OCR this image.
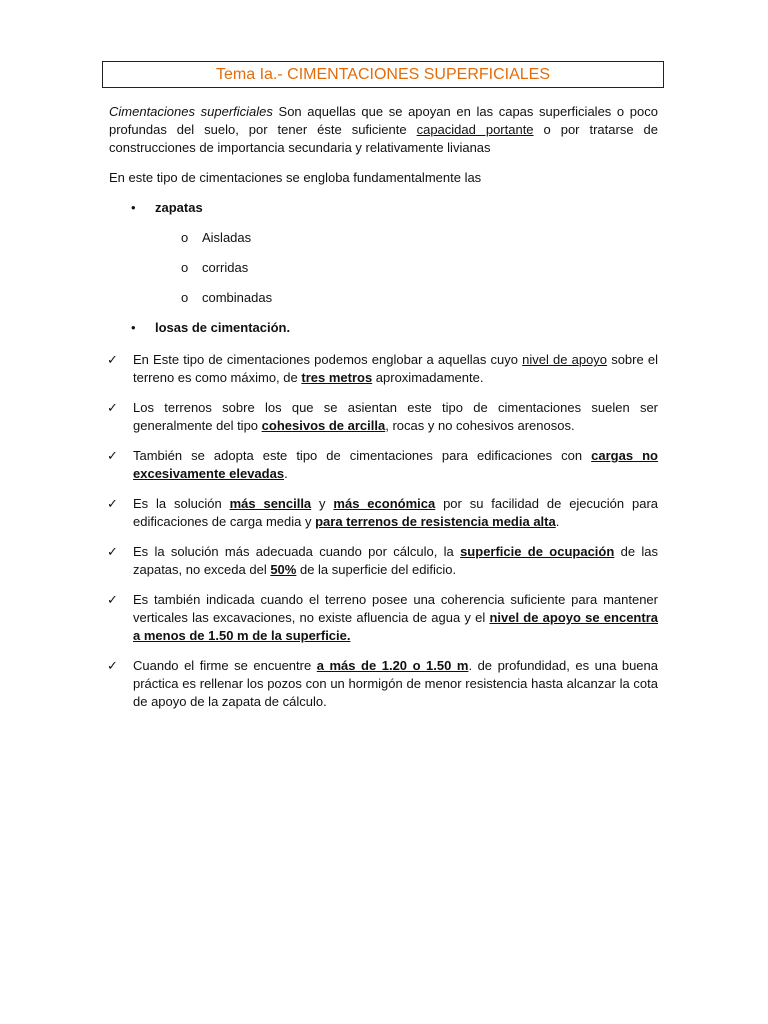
Tema Ia.- CIMENTACIONES SUPERFICIALES

Cimentaciones superficiales Son aquellas que se apoyan en las capas superficiales o poco profundas del suelo, por tener éste suficiente capacidad portante o por tratarse de construcciones de importancia secundaria y relativamente livianas

En este tipo de cimentaciones se engloba fundamentalmente las

• zapatas
o Aisladas
o corridas
o combinadas
• losas de cimentación.

✓ En Este tipo de cimentaciones podemos englobar a aquellas cuyo nivel de apoyo sobre el terreno es como máximo, de tres metros aproximadamente.

✓ Los terrenos sobre los que se asientan este tipo de cimentaciones suelen ser generalmente del tipo cohesivos de arcilla, rocas y no cohesivos arenosos.

✓ También se adopta este tipo de cimentaciones para edificaciones con cargas no excesivamente elevadas.

✓ Es la solución más sencilla y más económica por su facilidad de ejecución para edificaciones de carga media y para terrenos de resistencia media alta.

✓ Es la solución más adecuada cuando por cálculo, la superficie de ocupación de las zapatas, no exceda del 50% de la superficie del edificio.

✓ Es también indicada cuando el terreno posee una coherencia suficiente para mantener verticales las excavaciones, no existe afluencia de agua y el nivel de apoyo se encentra a menos de 1.50 m de la superficie.

✓ Cuando el firme se encuentre a más de 1.20 o 1.50 m. de profundidad, es una buena práctica es rellenar los pozos con un hormigón de menor resistencia hasta alcanzar la cota de apoyo de la zapata de cálculo.
